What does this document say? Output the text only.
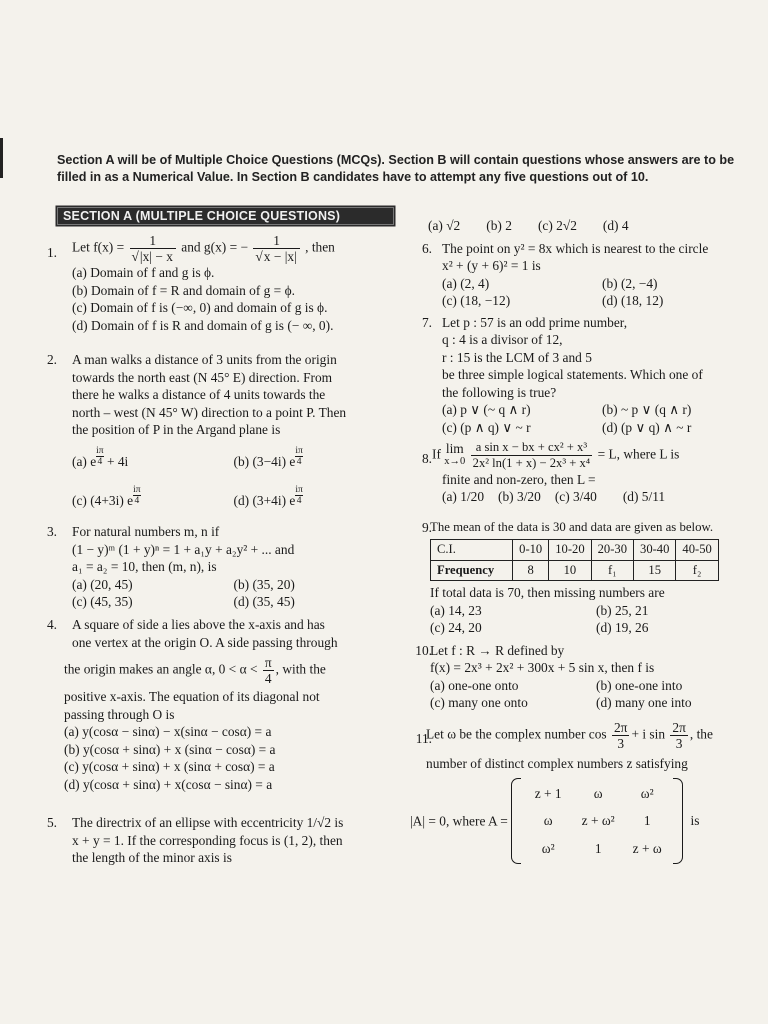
Section A will be of Multiple Choice Questions (MCQs). Section B will contain questions whose answers are to be
filled in as a Numerical Value. In Section B candidates have to attempt any five questions out of 10.
SECTION A (MULTIPLE CHOICE QUESTIONS)
1. Let $f(x) = \frac{1}{√|x| - x}$ and g(x) = − $\frac{1}{√x - |x|}$ , then
(a) Domain of f and g is ϕ.
(b) Domain of f = R and domain of g = ϕ.
(c) Domain of f is (−∞, 0) and domain of g is ϕ.
(d) Domain of f is R and domain of g is (− ∞, 0).
2. A man walks a distance of 3 units from the origin
towards the north east (N 45° E) direction. From
there he walks a distance of 4 units towards the
north – west (N 45° W) direction to a point P. Then
the position of P in the Argand plane is
(a) e $\frac{i\pi}{4} + 4i$	(b) (3−4i) e $\frac{i\pi}{4}$
(c) (4+3i) e $\frac{i\pi}{4}$	(d) (3+4i) e $\frac{i\pi}{4}$
3. For natural numbers m, n if
(1 − y)ᵐ (1 + y)ⁿ = 1 + a₁y + a₂y² + ... and
a₁ = a₂ = 10, then (m, n), is
(a) (20, 45)	(b) (35, 20)
(c) (45, 35)	(d) (35, 45)
4. A square of side a lies above the x-axis and has
one vertex at the origin O. A side passing through
the origin makes an angle α, $0 < \alpha < \frac{\pi}{4}$ , with the
positive x-axis. The equation of its diagonal not
passing through O is
(a) y(cosα − sinα) − x(sinα − cosα) = a
(b) y(cosα + sinα) + x (sinα − cosα) = a
(c) y(cosα + sinα) + x (sinα + cosα) = a
(d) y(cosα + sinα) + x(cosα − sinα) = a
5. The directrix of an ellipse with eccentricity 1/√2 is
x + y = 1. If the corresponding focus is (1, 2), then
the length of the minor axis is
(a) √2 (b) 2 (c) 2√2 (d) 4
6. The point on y² = 8x which is nearest to the circle
x² + (y + 6)² = 1 is
(a) (2, 4)	(b) (2, −4)
(c) (18, −12)	(d) (18, 12)
7. Let p : 57 is an odd prime number,
q : 4 is a divisor of 12,
r : 15 is the LCM of 3 and 5
be three simple logical statements. Which one of
the following is true?
(a) p ∨ (~ q ∧ r)	(b) ~ p ∨ (q ∧ r)
(c) (p ∧ q) ∨ ~ r	(d) (p ∨ q) ∧ ~ r
8. If lim
x→0
$\frac{\text{a sin x − bx + cx² + x³}}{\text{2x² ln(1 + x) − 2x³ + x⁴}} = L$, where L is
finite and non-zero, then L =
(a) 1/20 (b) 3/20 (c) 3/40 (d) 5/11
9.
The mean of the data is 30 and data are given as below.
C.I.	0-10	10-20	20-30	30-40	40-50
Frequency	8	10	f₁	15	f₂
If total data is 70, then missing numbers are
(a) 14, 23	(b) 25, 21
(c) 24, 20	(d) 19, 26
10.
Let f : R → R defined by
f(x) = 2x³ + 2x² + 300x + 5 sin x, then f is
(a) one-one onto	(b) one-one into
(c) many one onto	(d) many one into
11.
Let ω be the complex number $\cos \frac{2\pi}{3} + i$ $\sin \frac{2\pi}{3}$ , the
number of distinct complex numbers z satisfying
|A| = 0, where A =
z + 1	ω	ω²
ω	z + ω²	1
ω²	1	z + ω
is
